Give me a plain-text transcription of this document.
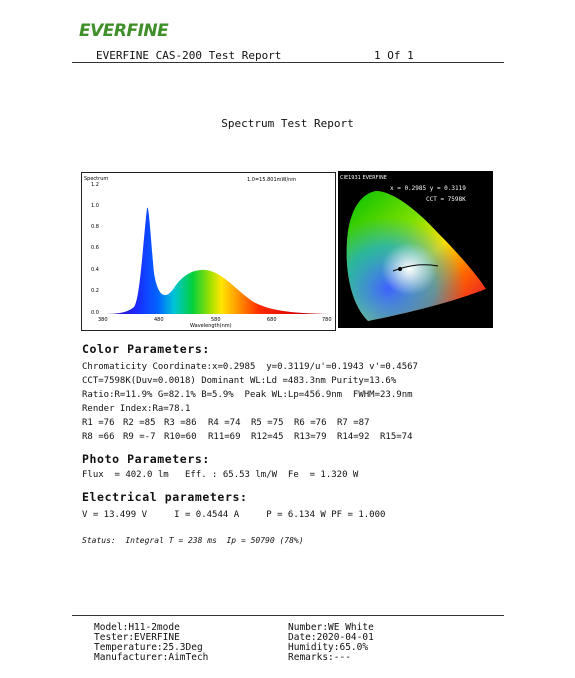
EVERFINE
EVERFINE CAS-200 Test Report	1 Of 1
Spectrum Test Report
Spectrum	1.0=15.801mW/nm
1.2
1.0
0.8
0.6
0.4
0.2
0.0
380	480	580	680	780
Wavelength(nm)
CIE1931 EVERFINE
x = 0.2985 y = 0.3119
CCT = 7598K
Color Parameters:
Chromaticity Coordinate:x=0.2985  y=0.3119/u'=0.1943 v'=0.4567
CCT=7598K(Duv=0.0018) Dominant WL:Ld =483.3nm Purity=13.6%
Ratio:R=11.9% G=82.1% B=5.9%  Peak WL:Lp=456.9nm  FWHM=23.9nm
Render Index:Ra=78.1
R1 =76 R2 =85 R3 =86 R4 =74 R5 =75 R6 =76 R7 =87
R8 =66 R9 =-7 R10=60 R11=69 R12=45 R13=79 R14=92 R15=74
Photo Parameters:
Flux  = 402.0 lm   Eff. : 65.53 lm/W  Fe  = 1.320 W
Electrical parameters:
V = 13.499 V     I = 0.4544 A     P = 6.134 W PF = 1.000
Status:  Integral T = 238 ms  Ip = 50790 (78%)
Model:H11-2mode
Tester:EVERFINE
Temperature:25.3Deg
Manufacturer:AimTech
Number:WE White
Date:2020-04-01
Humidity:65.0%
Remarks:---
